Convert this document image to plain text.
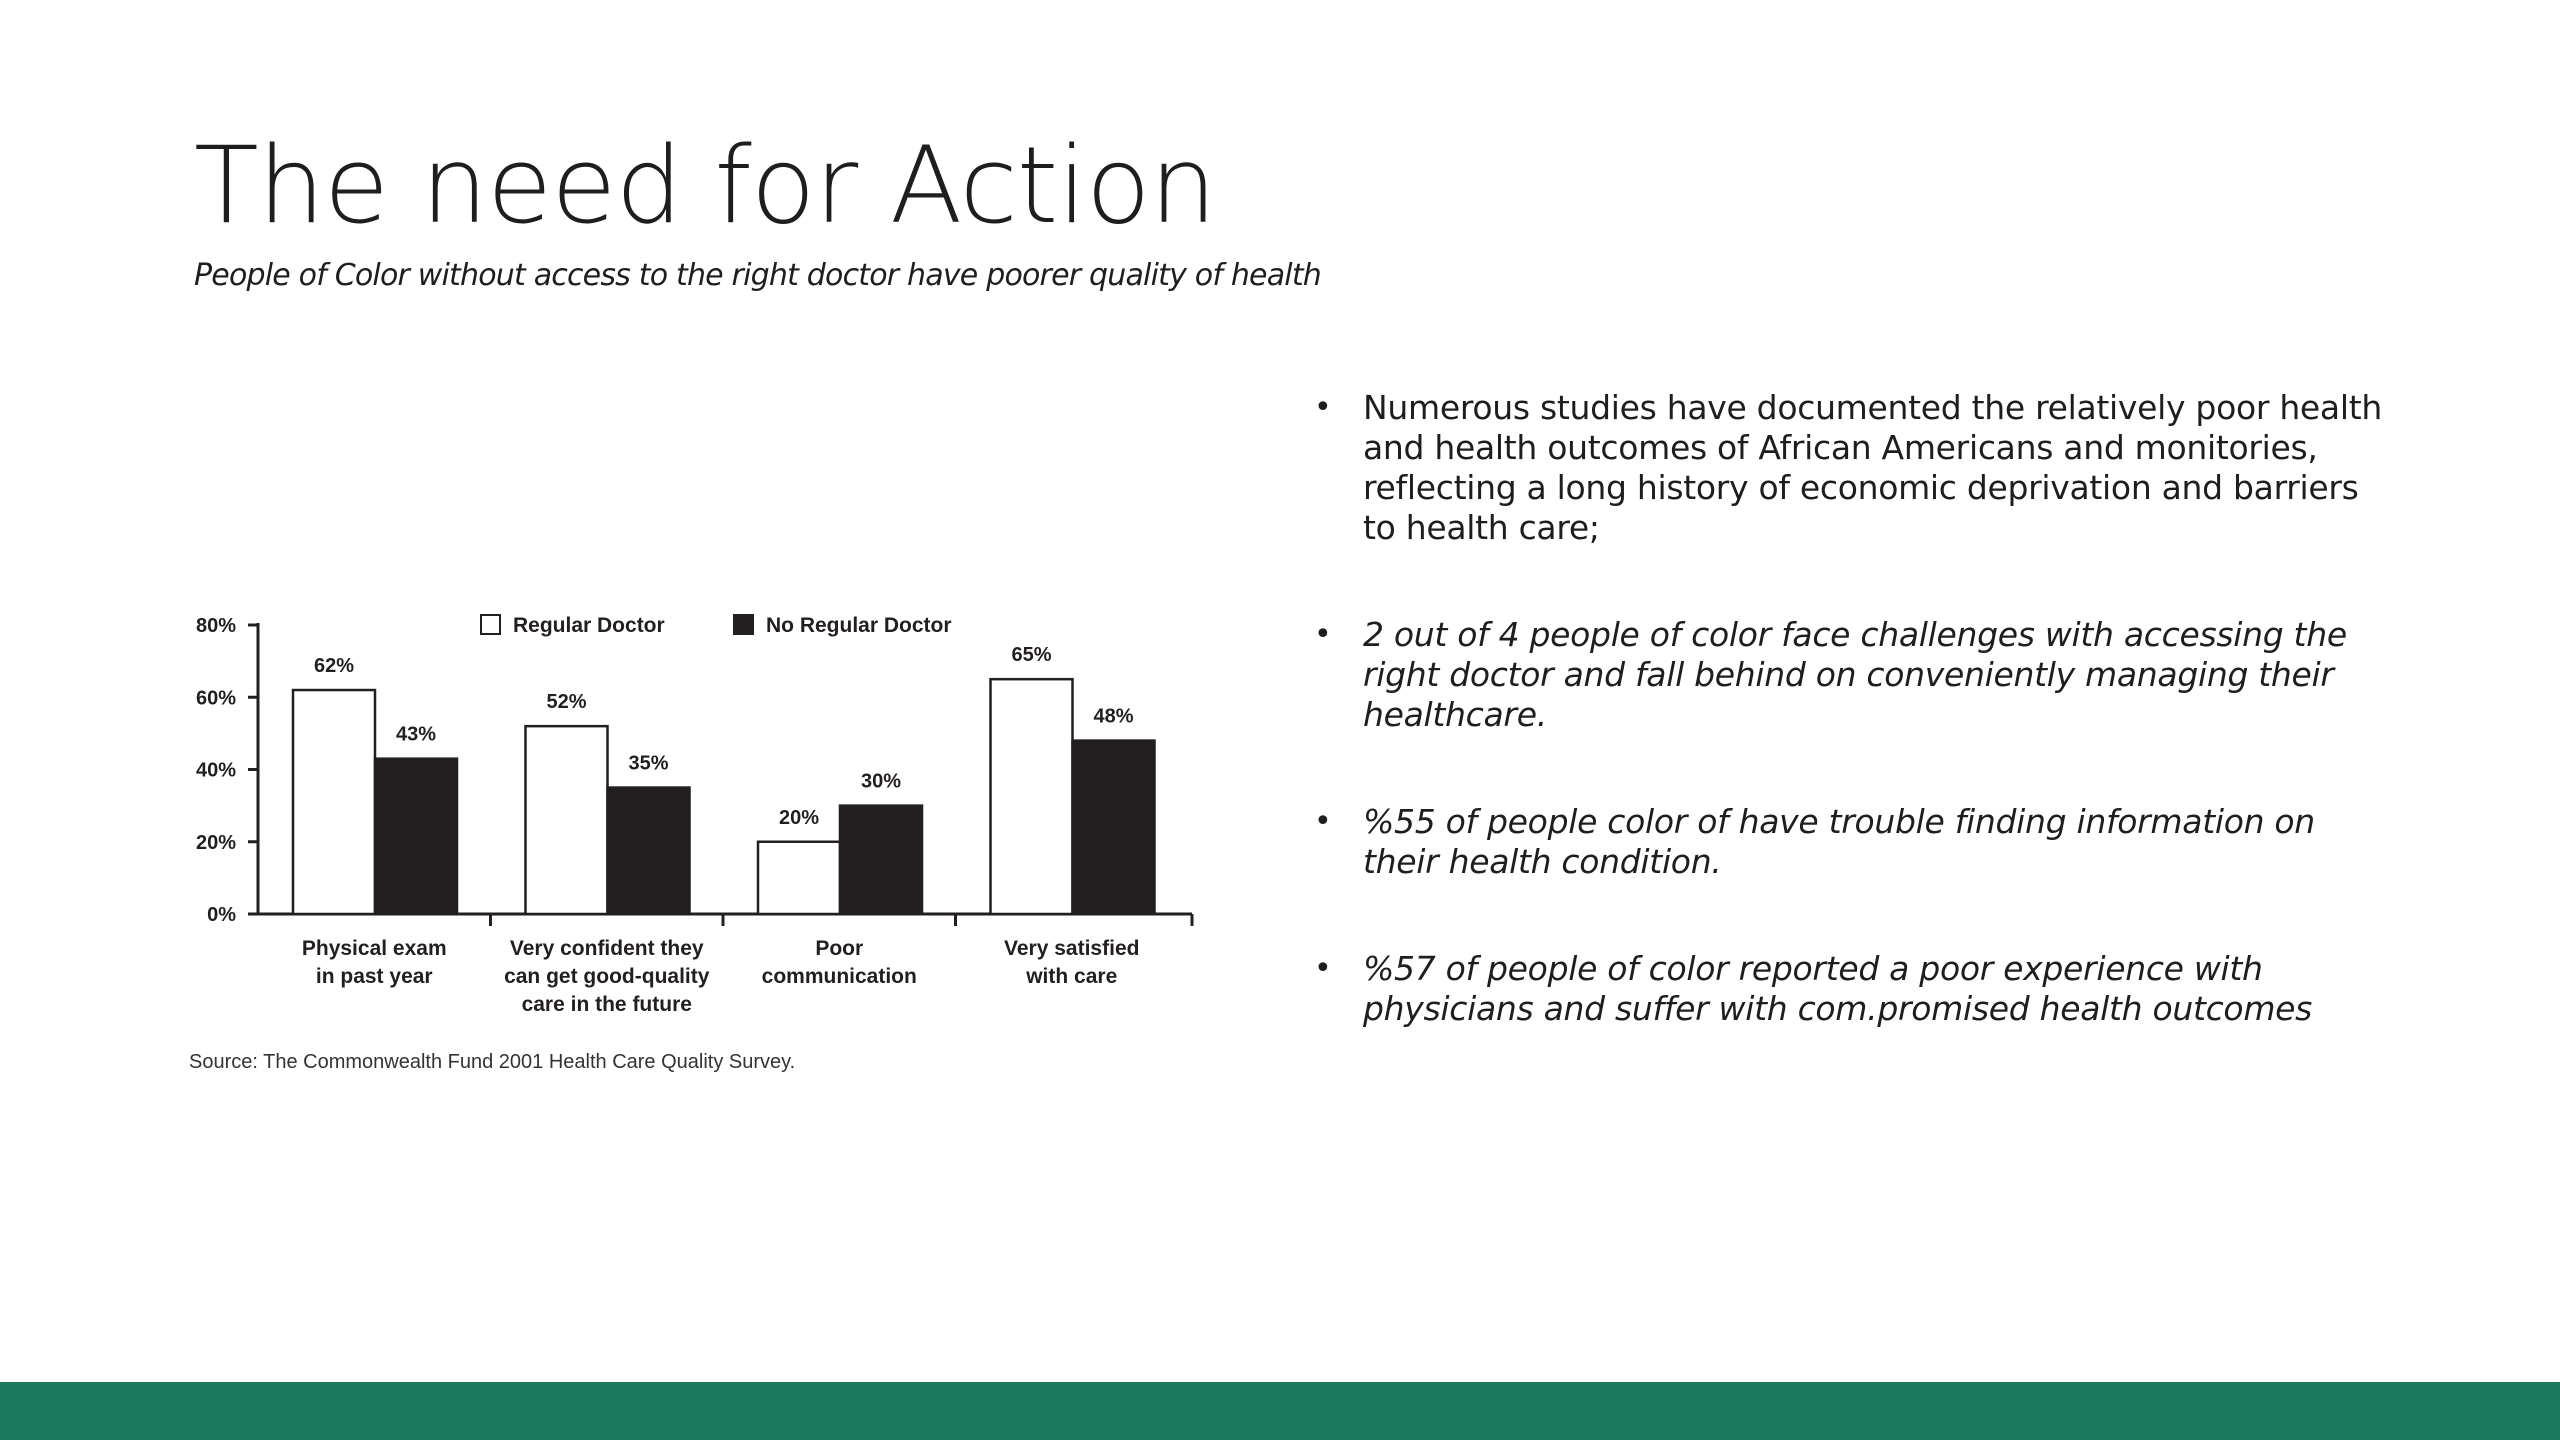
The need for Action

People of Color without access to the right doctor have poorer quality of health

0%
20%
40%
60%
80%
62%
43%
Physical exam
in past year
52%
35%
Very confident they
can get good-quality
care in the future
20%
30%
Poor
communication
65%
48%
Very satisfied
with care
Regular Doctor	No Regular Doctor
Source: The Commonwealth Fund 2001 Health Care Quality Survey.
• Numerous studies have documented the relatively poor health and health outcomes of African Americans and monitories, reflecting a long history of economic deprivation and barriers to health care;
• 2 out of 4 people of color face challenges with accessing the right doctor and fall behind on conveniently managing their healthcare.
• %55 of people color of have trouble finding information on their health condition.
• %57 of people of color reported a poor experience with physicians and suffer with com.promised health outcomes
